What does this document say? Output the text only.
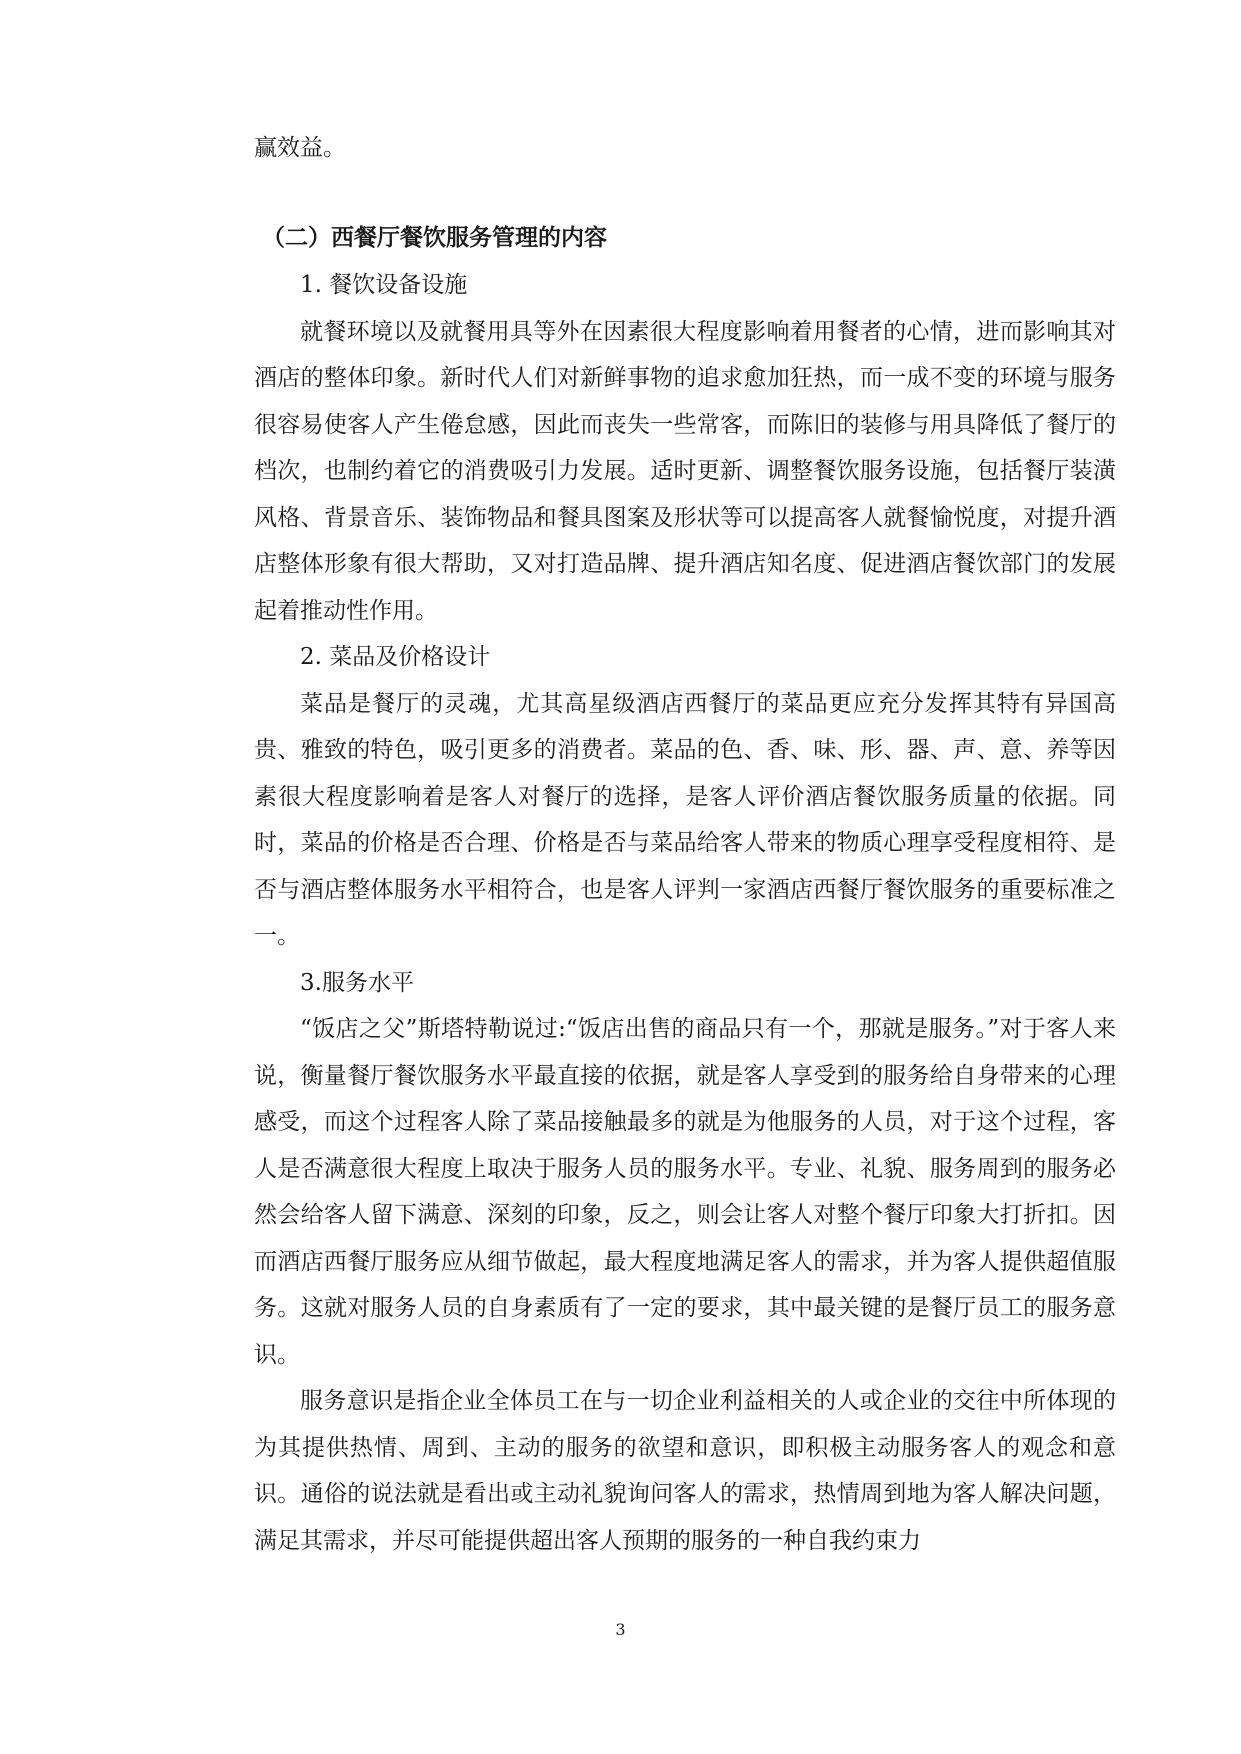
赢效益。

（二）西餐厅餐饮服务管理的内容

1. 餐饮设备设施

就餐环境以及就餐用具等外在因素很大程度影响着用餐者的心情，进而影响其对酒店的整体印象。新时代人们对新鲜事物的追求愈加狂热，而一成不变的环境与服务很容易使客人产生倦怠感，因此而丧失一些常客，而陈旧的装修与用具降低了餐厅的档次，也制约着它的消费吸引力发展。适时更新、调整餐饮服务设施，包括餐厅装潢风格、背景音乐、装饰物品和餐具图案及形状等可以提高客人就餐愉悦度，对提升酒店整体形象有很大帮助，又对打造品牌、提升酒店知名度、促进酒店餐饮部门的发展起着推动性作用。

2. 菜品及价格设计

菜品是餐厅的灵魂，尤其高星级酒店西餐厅的菜品更应充分发挥其特有异国高贵、雅致的特色，吸引更多的消费者。菜品的色、香、味、形、器、声、意、养等因素很大程度影响着是客人对餐厅的选择，是客人评价酒店餐饮服务质量的依据。同时，菜品的价格是否合理、价格是否与菜品给客人带来的物质心理享受程度相符、是否与酒店整体服务水平相符合，也是客人评判一家酒店西餐厅餐饮服务的重要标准之一。

3.服务水平

“饭店之父”斯塔特勒说过:“饭店出售的商品只有一个，那就是服务。”对于客人来说，衡量餐厅餐饮服务水平最直接的依据，就是客人享受到的服务给自身带来的心理感受，而这个过程客人除了菜品接触最多的就是为他服务的人员，对于这个过程，客人是否满意很大程度上取决于服务人员的服务水平。专业、礼貌、服务周到的服务必然会给客人留下满意、深刻的印象，反之，则会让客人对整个餐厅印象大打折扣。因而酒店西餐厅服务应从细节做起，最大程度地满足客人的需求，并为客人提供超值服务。这就对服务人员的自身素质有了一定的要求，其中最关键的是餐厅员工的服务意识。

服务意识是指企业全体员工在与一切企业利益相关的人或企业的交往中所体现的为其提供热情、周到、主动的服务的欲望和意识，即积极主动服务客人的观念和意识。通俗的说法就是看出或主动礼貌询问客人的需求，热情周到地为客人解决问题，满足其需求，并尽可能提供超出客人预期的服务的一种自我约束力

3
